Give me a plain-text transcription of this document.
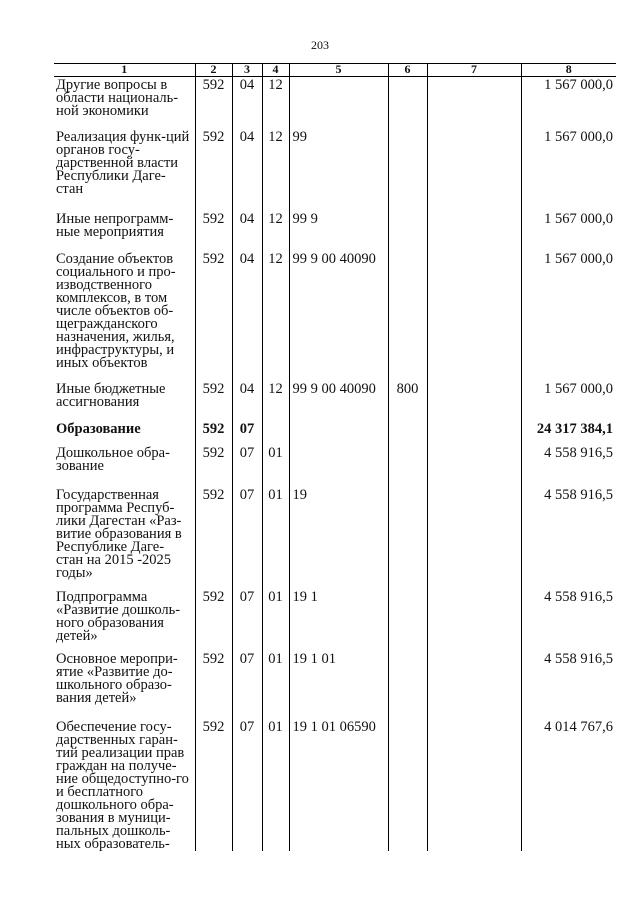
203
1	2	3	4	5	6	7	8
Другие вопросы в области националь-ной экономики	592	04	12				1 567 000,0
Реализация функ-ций органов госу-дарственной власти Республики Даге-стан	592	04	12	99			1 567 000,0
Иные непрограмм-ные мероприятия	592	04	12	99 9			1 567 000,0
Создание объектов социального и про-изводственного комплексов, в том числе объектов об-щегражданского назначения, жилья, инфраструктуры, и иных объектов	592	04	12	99 9 00 40090			1 567 000,0
Иные бюджетные ассигнования	592	04	12	99 9 00 40090	800		1 567 000,0
Образование	592	07					24 317 384,1
Дошкольное обра-зование	592	07	01				4 558 916,5
Государственная программа Респуб-лики Дагестан «Раз-витие образования в Республике Даге-стан на 2015 -2025 годы»	592	07	01	19			4 558 916,5
Подпрограмма «Развитие дошколь-ного образования детей»	592	07	01	19 1			4 558 916,5
Основное меропри-ятие «Развитие до-школьного образо-вания детей»	592	07	01	19 1 01			4 558 916,5
Обеспечение госу-дарственных гаран-тий реализации прав граждан на получе-ние общедоступно-го и бесплатного дошкольного обра-зования в муници-пальных дошколь-ных образователь-	592	07	01	19 1 01 06590			4 014 767,6
